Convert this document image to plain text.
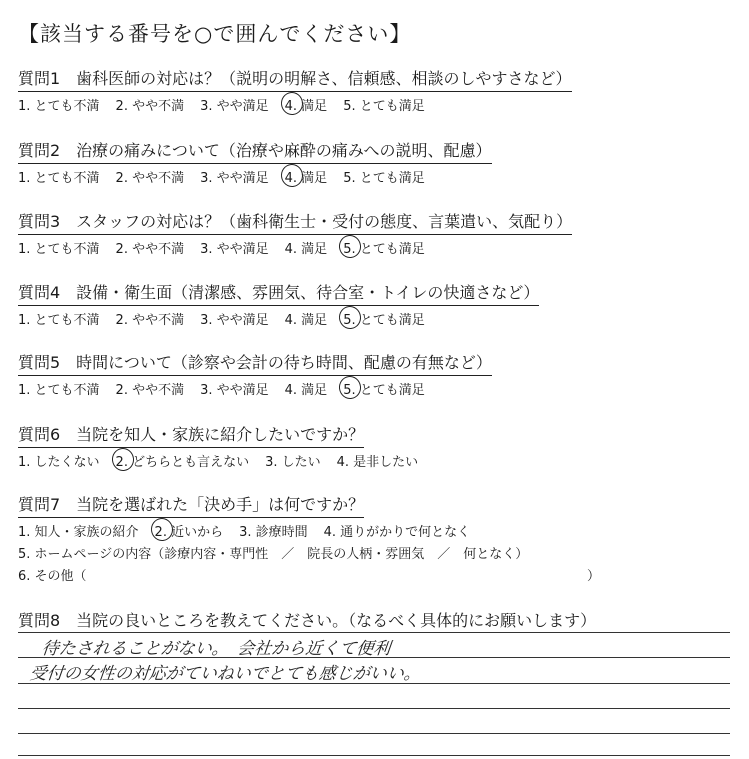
【該当する番号を○で囲んでください】
質問1　歯科医師の対応は？（説明の明解さ、信頼感、相談のしやすさなど）
1. とても不満 2. やや不満 3. やや満足 4. 満足 5. とても満足
質問2　治療の痛みについて（治療や麻酔の痛みへの説明、配慮）
1. とても不満 2. やや不満 3. やや満足 4. 満足 5. とても満足
質問3　スタッフの対応は？（歯科衛生士・受付の態度、言葉遣い、気配り）
1. とても不満 2. やや不満 3. やや満足 4. 満足 5. とても満足
質問4　設備・衛生面（清潔感、雰囲気、待合室・トイレの快適さなど）
1. とても不満 2. やや不満 3. やや満足 4. 満足 5. とても満足
質問5　時間について（診察や会計の待ち時間、配慮の有無など）
1. とても不満 2. やや不満 3. やや満足 4. 満足 5. とても満足
質問6　当院を知人・家族に紹介したいですか？
1. したくない 2. どちらとも言えない 3. したい 4. 是非したい
質問7　当院を選ばれた「決め手」は何ですか？
1. 知人・家族の紹介 2. 近いから 3. 診療時間 4. 通りがかりで何となく
5. ホームページの内容（診療内容・専門性　／　院長の人柄・雰囲気　／　何となく）
6. その他（	）
質問8　当院の良いところを教えてください。（なるべく具体的にお願いします）
待たされることがない。　会社から近くて便利
受付の女性の対応がていねいでとても感じがいい。
